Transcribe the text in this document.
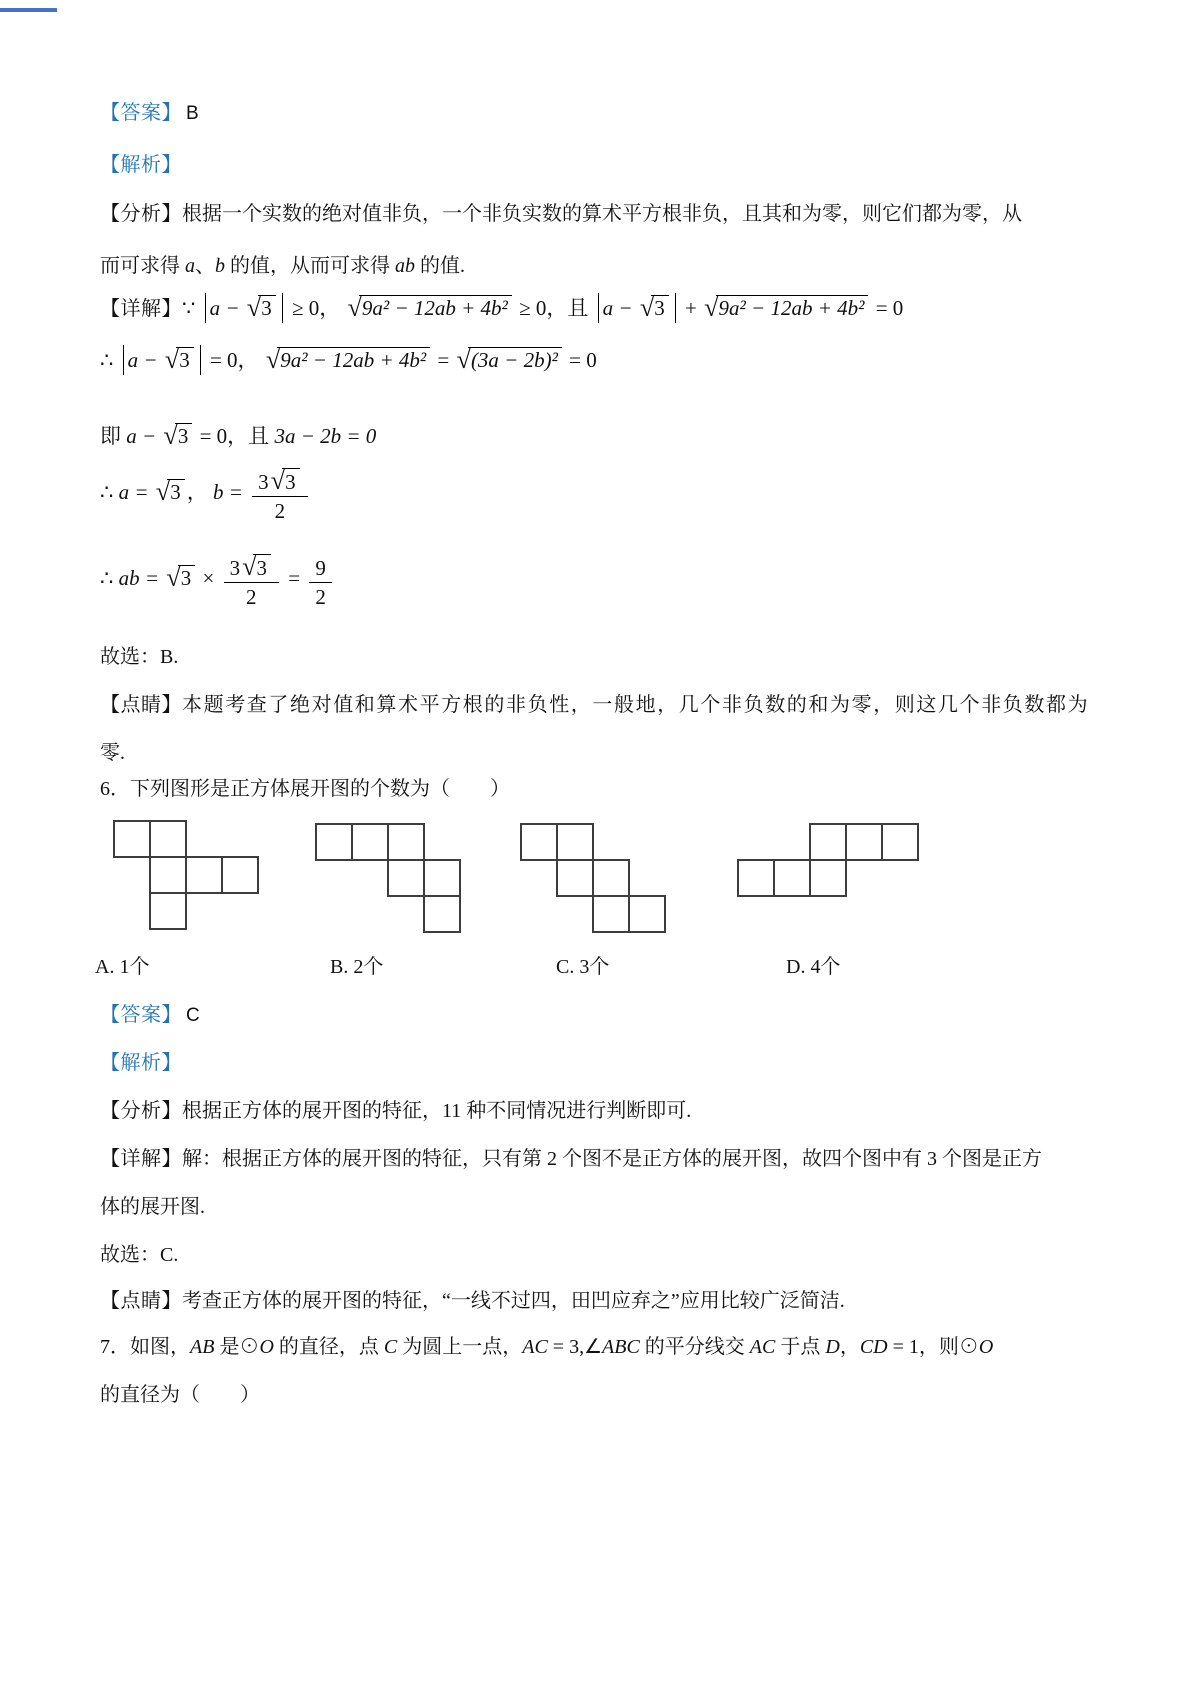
【答案】 B
【解析】
【分析】根据一个实数的绝对值非负，一个非负实数的算术平方根非负，且其和为零，则它们都为零，从
而可求得 a、b 的值，从而可求得 ab 的值.
【详解】∵ a − √3 ≥ 0， √9a² − 12ab + 4b² ≥ 0，且 a − √3 + √9a² − 12ab + 4b² = 0
∴ a − √3 = 0， √9a² − 12ab + 4b² = √(3a − 2b)² = 0
即 a − √3 = 0，且 3a − 2b = 0
∴ a = √3 ， $b = \frac{3√3}{2}$
∴ ab = $√3 \times \frac{3√3}{2} = \frac{9}{2}$
故选：B.
【点睛】本题考查了绝对值和算术平方根的非负性，一般地，几个非负数的和为零，则这几个非负数都为
零.
6．下列图形是正方体展开图的个数为（　　）
A. 1个	B. 2个	C. 3个	D. 4个
【答案】 C
【解析】
【分析】根据正方体的展开图的特征，11 种不同情况进行判断即可.
【详解】解：根据正方体的展开图的特征，只有第 2 个图不是正方体的展开图，故四个图中有 3 个图是正方
体的展开图.
故选：C.
【点睛】考查正方体的展开图的特征，“一线不过四，田凹应弃之”应用比较广泛简洁.
7．如图，AB 是⊙O 的直径，点 C 为圆上一点，AC = 3,∠ABC 的平分线交 AC 于点 D，CD = 1，则⊙O
的直径为（　　）
